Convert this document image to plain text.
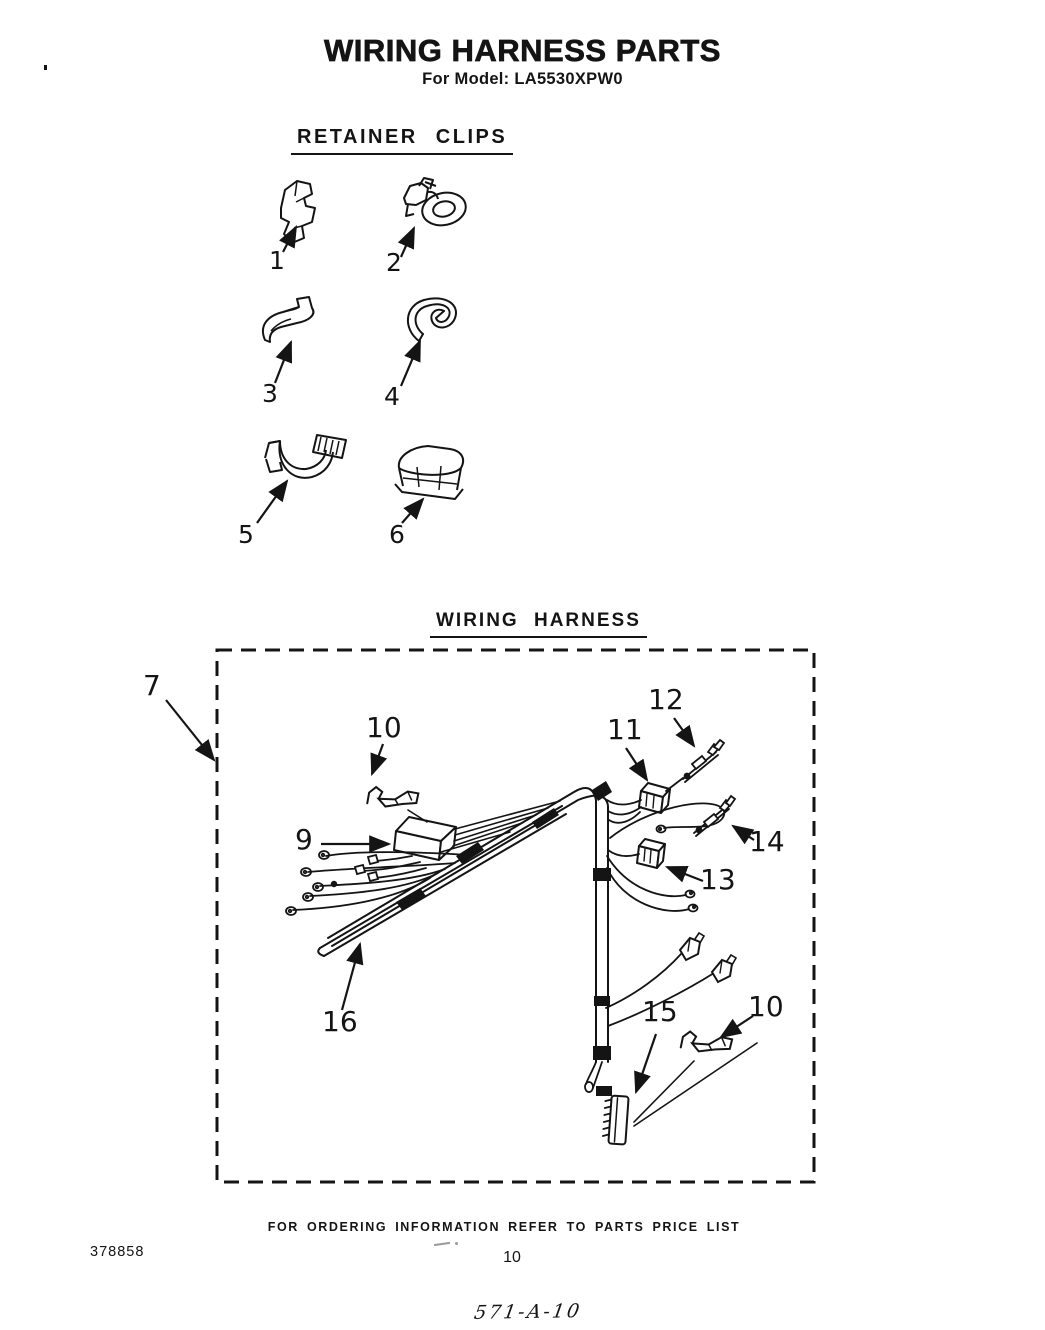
WIRING HARNESS PARTS
For Model: LA5530XPW0
RETAINER CLIPS
WIRING HARNESS
1	2
3	4
5	6
7
9
10	11
12
13
14
15
16	10
FOR ORDERING INFORMATION REFER TO PARTS PRICE LIST
378858	10
571-A-10
